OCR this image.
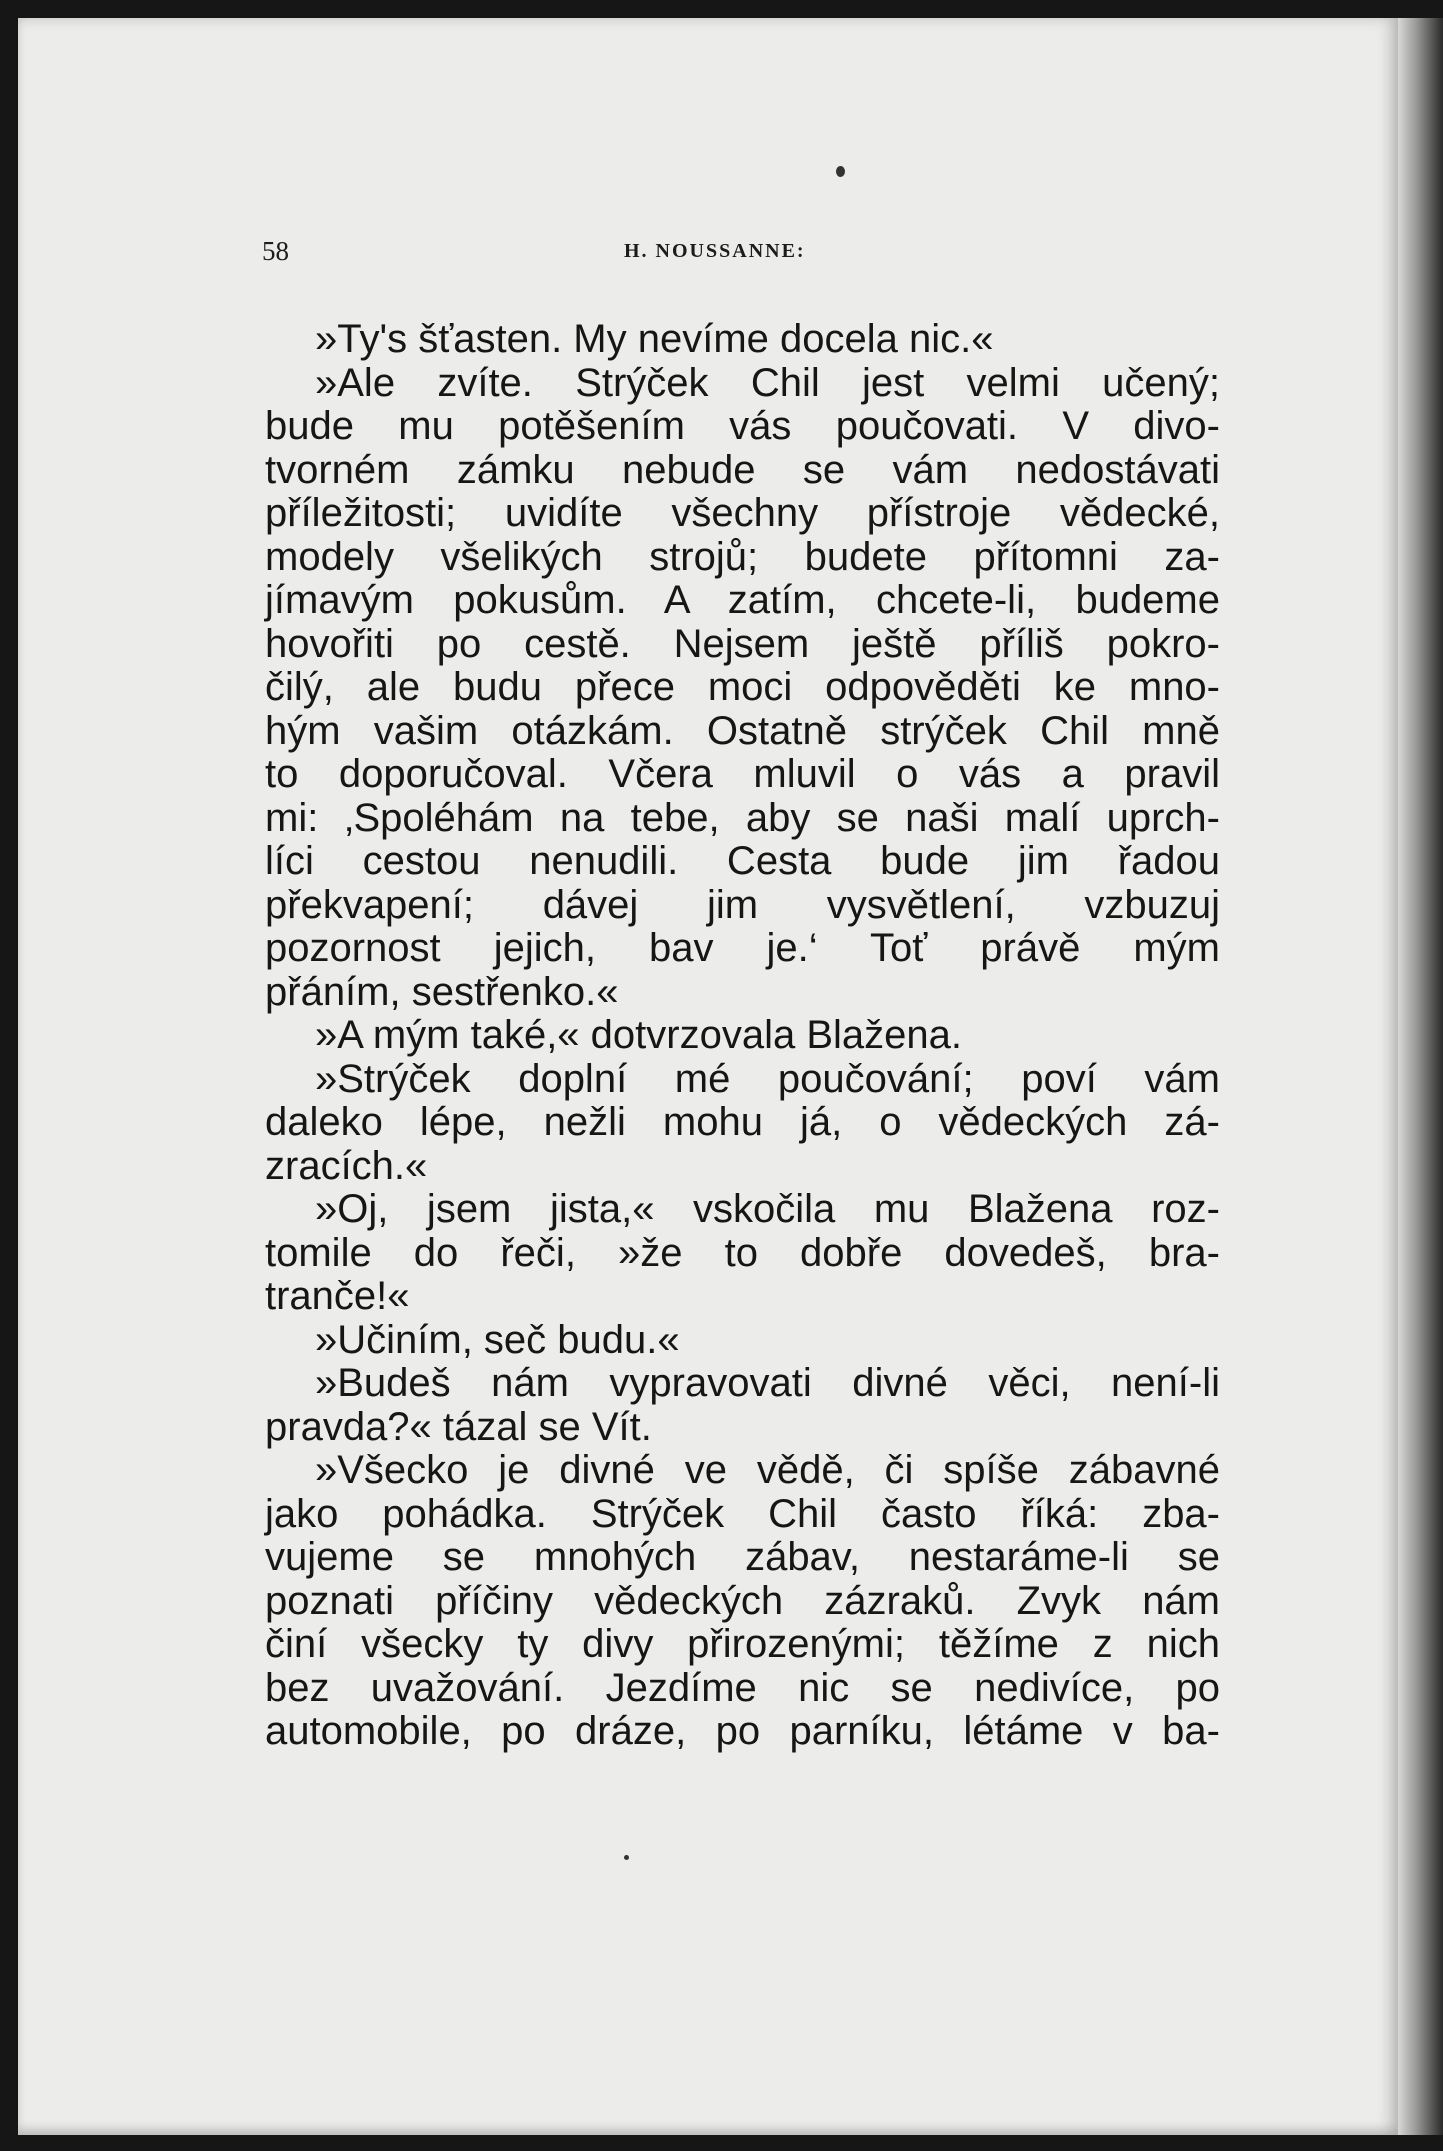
58	H. NOUSSANNE:
»Ty's šťasten. My nevíme docela nic.«
»Ale zvíte. Strýček Chil jest velmi učený;
bude mu potěšením vás poučovati. V divo-
tvorném zámku nebude se vám nedostávati
příležitosti; uvidíte všechny přístroje vědecké,
modely všelikých strojů; budete přítomni za-
jímavým pokusům. A zatím, chcete-li, budeme
hovořiti po cestě. Nejsem ještě příliš pokro-
čilý, ale budu přece moci odpověděti ke mno-
hým vašim otázkám. Ostatně strýček Chil mně
to doporučoval. Včera mluvil o vás a pravil
mi: ‚Spoléhám na tebe, aby se naši malí uprch-
líci cestou nenudili. Cesta bude jim řadou
překvapení; dávej jim vysvětlení, vzbuzuj
pozornost jejich, bav je.‘ Toť právě mým
přáním, sestřenko.«
»A mým také,« dotvrzovala Blažena.
»Strýček doplní mé poučování; poví vám
daleko lépe, nežli mohu já, o vědeckých zá-
zracích.«
»Oj, jsem jista,« vskočila mu Blažena roz-
tomile do řeči, »že to dobře dovedeš, bra-
tranče!«
»Učiním, seč budu.«
»Budeš nám vypravovati divné věci, není-li
pravda?« tázal se Vít.
»Všecko je divné ve vědě, či spíše zábavné
jako pohádka. Strýček Chil často říká: zba-
vujeme se mnohých zábav, nestaráme-li se
poznati příčiny vědeckých zázraků. Zvyk nám
činí všecky ty divy přirozenými; těžíme z nich
bez uvažování. Jezdíme nic se nedivíce, po
automobile, po dráze, po parníku, létáme v ba-
